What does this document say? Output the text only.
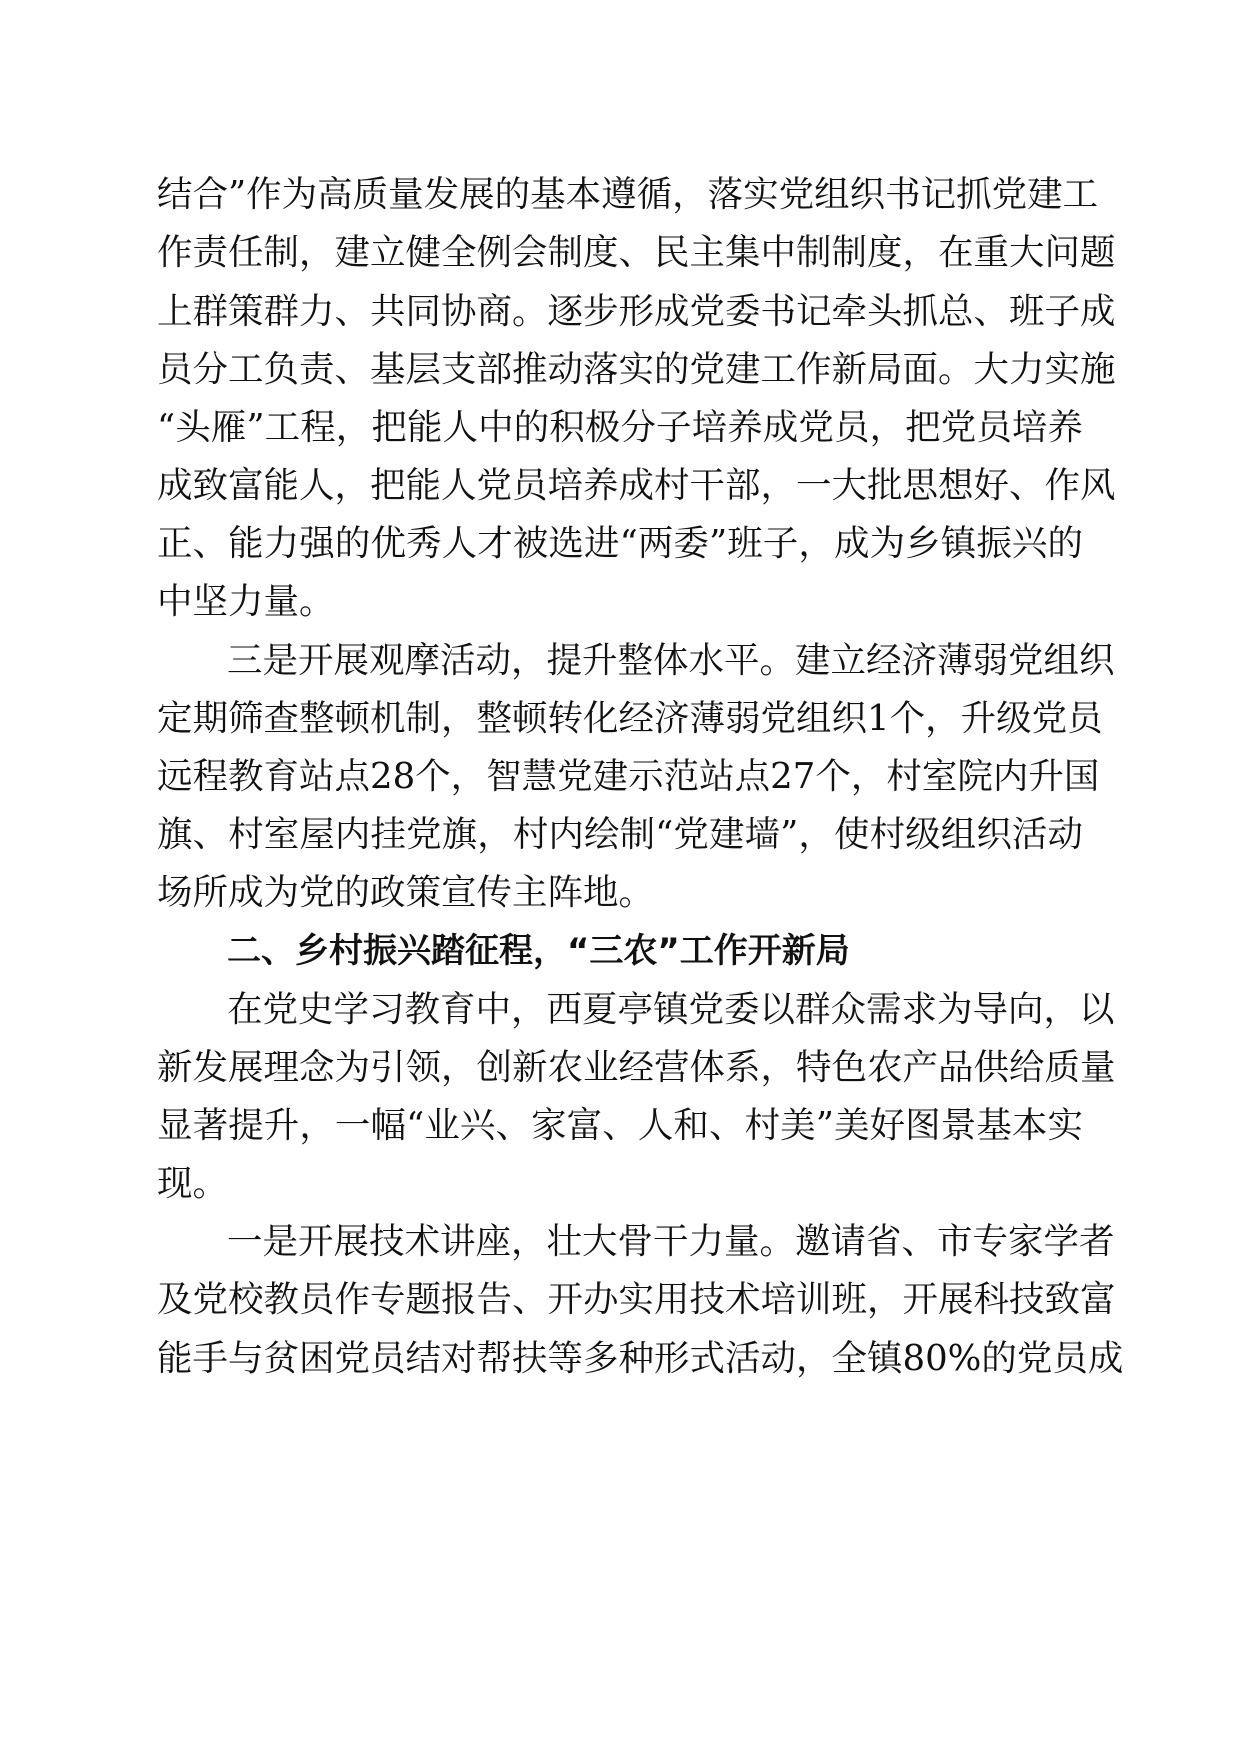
结合”作为高质量发展的基本遵循，落实党组织书记抓党建工
作责任制，建立健全例会制度、民主集中制制度，在重大问题
上群策群力、共同协商。逐步形成党委书记牵头抓总、班子成
员分工负责、基层支部推动落实的党建工作新局面。大力实施
“头雁”工程，把能人中的积极分子培养成党员，把党员培养
成致富能人，把能人党员培养成村干部，一大批思想好、作风
正、能力强的优秀人才被选进“两委”班子，成为乡镇振兴的
中坚力量。
三是开展观摩活动，提升整体水平。建立经济薄弱党组织
定期筛查整顿机制，整顿转化经济薄弱党组织1个，升级党员
远程教育站点28个，智慧党建示范站点27个，村室院内升国
旗、村室屋内挂党旗，村内绘制“党建墙”，使村级组织活动
场所成为党的政策宣传主阵地。
二、乡村振兴踏征程，“三农”工作开新局
在党史学习教育中，西夏亭镇党委以群众需求为导向，以
新发展理念为引领，创新农业经营体系，特色农产品供给质量
显著提升，一幅“业兴、家富、人和、村美”美好图景基本实
现。
一是开展技术讲座，壮大骨干力量。邀请省、市专家学者
及党校教员作专题报告、开办实用技术培训班，开展科技致富
能手与贫困党员结对帮扶等多种形式活动，全镇80%的党员成
